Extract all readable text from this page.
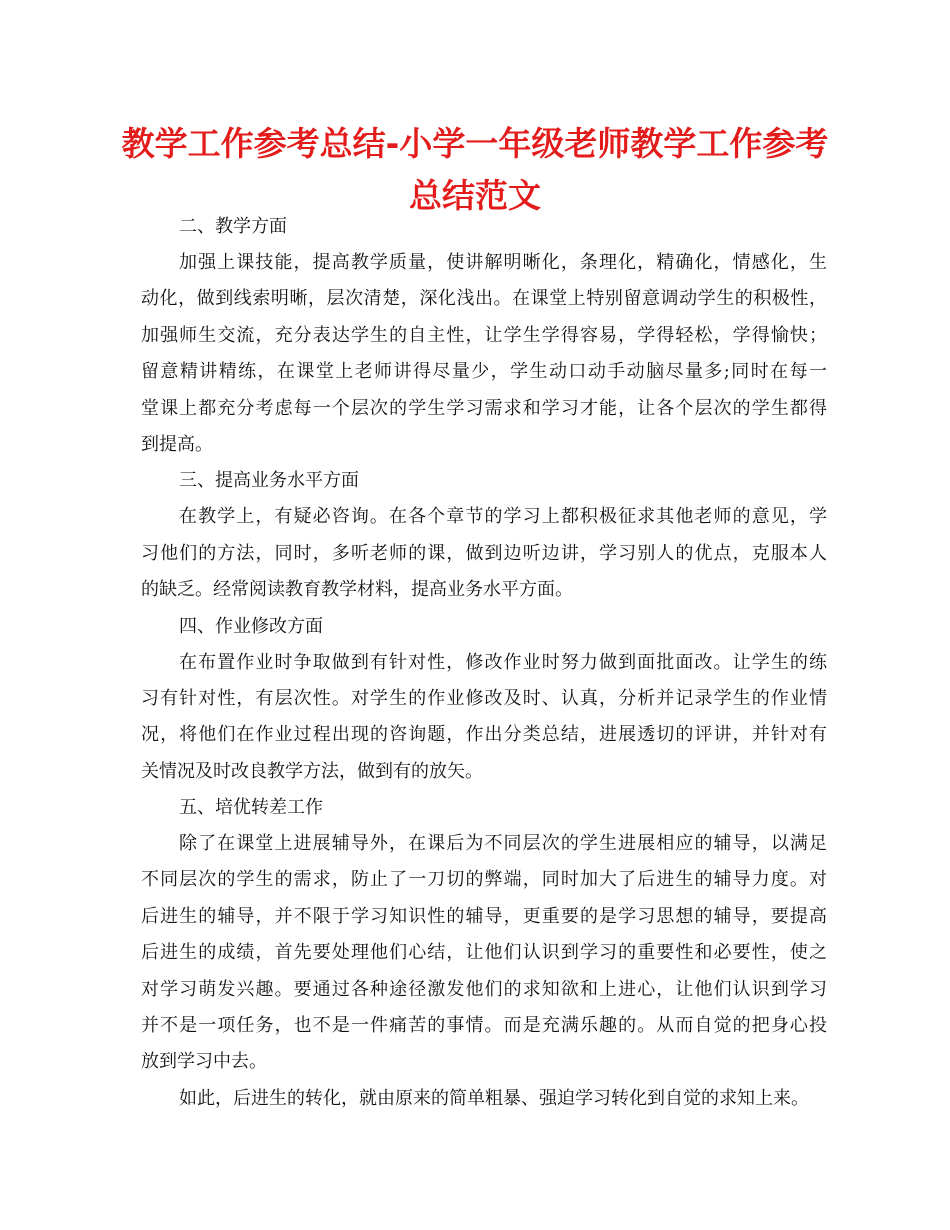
教学工作参考总结-小学一年级老师教学工作参考
总结范文

二、教学方面

加强上课技能，提高教学质量，使讲解明晰化，条理化，精确化，情感化，生
动化，做到线索明晰，层次清楚，深化浅出。在课堂上特别留意调动学生的积极性，
加强师生交流，充分表达学生的自主性，让学生学得容易，学得轻松，学得愉快；
留意精讲精练，在课堂上老师讲得尽量少，学生动口动手动脑尽量多;同时在每一
堂课上都充分考虑每一个层次的学生学习需求和学习才能，让各个层次的学生都得
到提高。

三、提高业务水平方面

在教学上，有疑必咨询。在各个章节的学习上都积极征求其他老师的意见，学
习他们的方法，同时，多听老师的课，做到边听边讲，学习别人的优点，克服本人
的缺乏。经常阅读教育教学材料，提高业务水平方面。

四、作业修改方面

在布置作业时争取做到有针对性，修改作业时努力做到面批面改。让学生的练
习有针对性，有层次性。对学生的作业修改及时、认真，分析并记录学生的作业情
况，将他们在作业过程出现的咨询题，作出分类总结，进展透切的评讲，并针对有
关情况及时改良教学方法，做到有的放矢。

五、培优转差工作

除了在课堂上进展辅导外，在课后为不同层次的学生进展相应的辅导，以满足
不同层次的学生的需求，防止了一刀切的弊端，同时加大了后进生的辅导力度。对
后进生的辅导，并不限于学习知识性的辅导，更重要的是学习思想的辅导，要提高
后进生的成绩，首先要处理他们心结，让他们认识到学习的重要性和必要性，使之
对学习萌发兴趣。要通过各种途径激发他们的求知欲和上进心，让他们认识到学习
并不是一项任务，也不是一件痛苦的事情。而是充满乐趣的。从而自觉的把身心投
放到学习中去。

如此，后进生的转化，就由原来的简单粗暴、强迫学习转化到自觉的求知上来。
